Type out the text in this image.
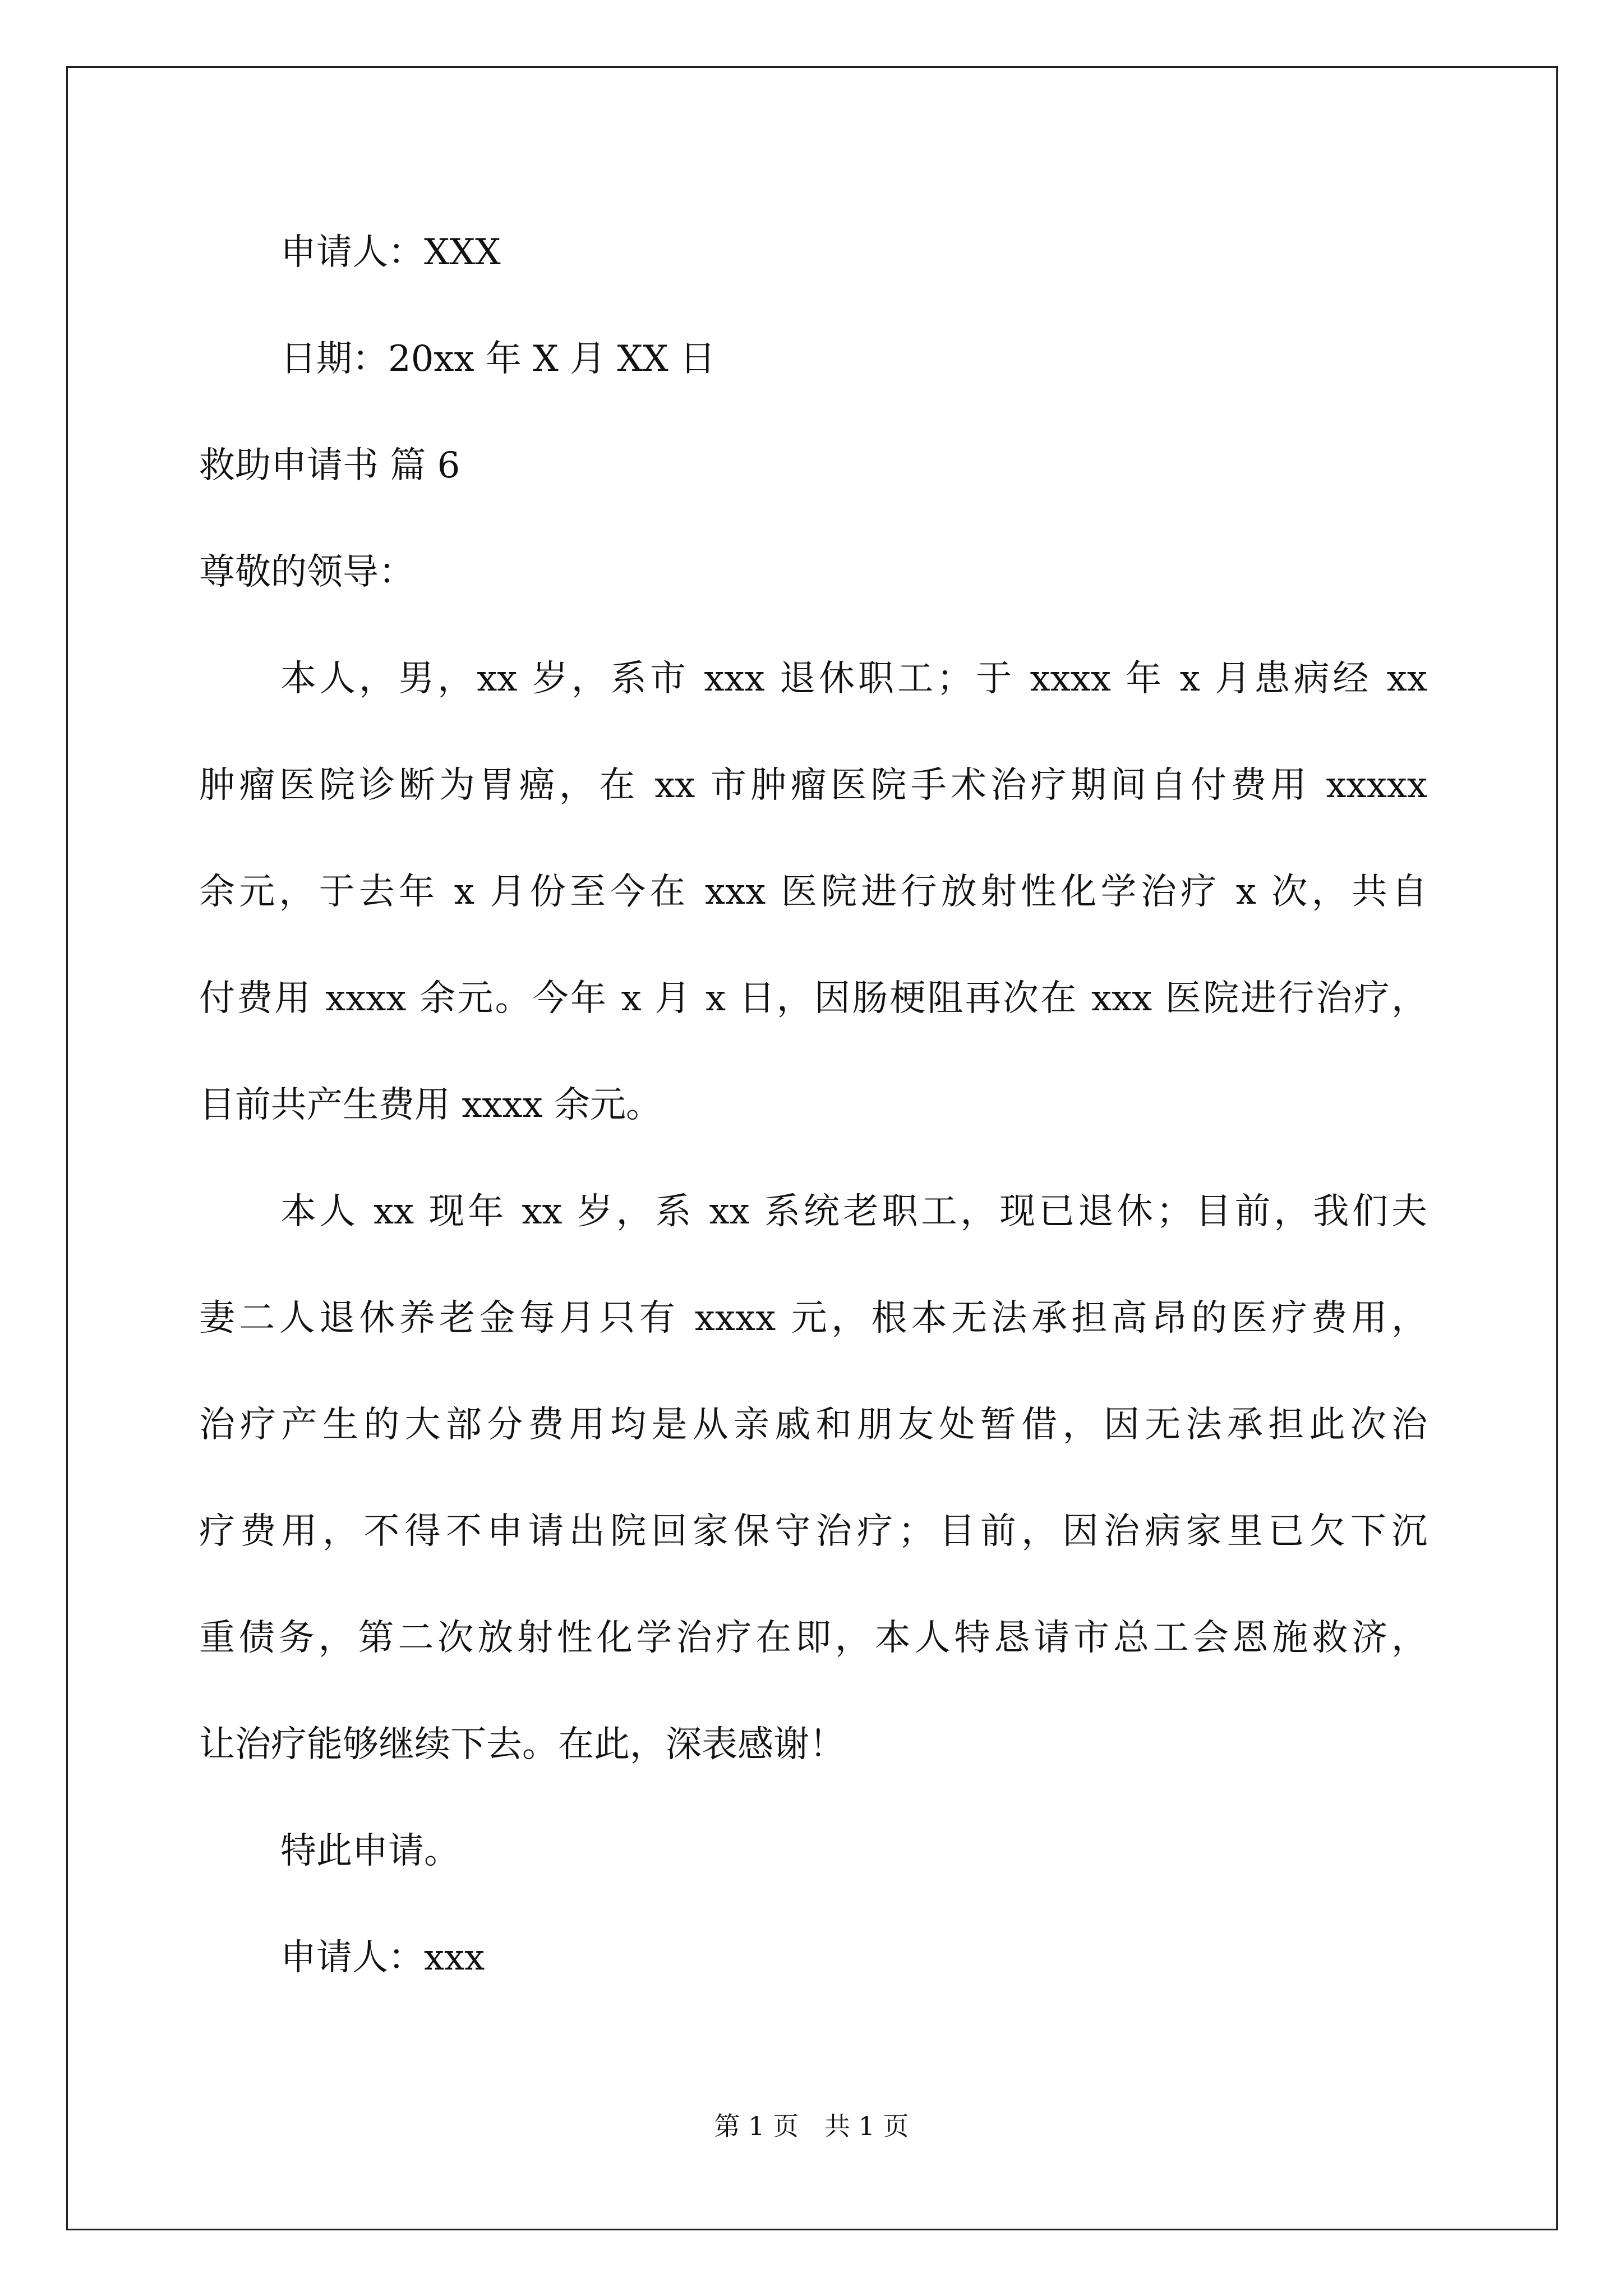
申请人：XXX
日期：20xx 年 X 月 XX 日
救助申请书 篇 6
尊敬的领导：
本人，男，xx 岁，系市 xxx 退休职工；于 xxxx 年 x 月患病经 xx
肿瘤医院诊断为胃癌，在 xx 市肿瘤医院手术治疗期间自付费用 xxxxx
余元，于去年 x 月份至今在 xxx 医院进行放射性化学治疗 x 次，共自
付费用 xxxx 余元。今年 x 月 x 日，因肠梗阻再次在 xxx 医院进行治疗，
目前共产生费用 xxxx 余元。
本人 xx 现年 xx 岁，系 xx 系统老职工，现已退休；目前，我们夫
妻二人退休养老金每月只有 xxxx 元，根本无法承担高昂的医疗费用，
治疗产生的大部分费用均是从亲戚和朋友处暂借，因无法承担此次治
疗费用，不得不申请出院回家保守治疗；目前，因治病家里已欠下沉
重债务，第二次放射性化学治疗在即，本人特恳请市总工会恩施救济，
让治疗能够继续下去。在此，深表感谢！
特此申请。
申请人：xxx
第 1 页　共 1 页
